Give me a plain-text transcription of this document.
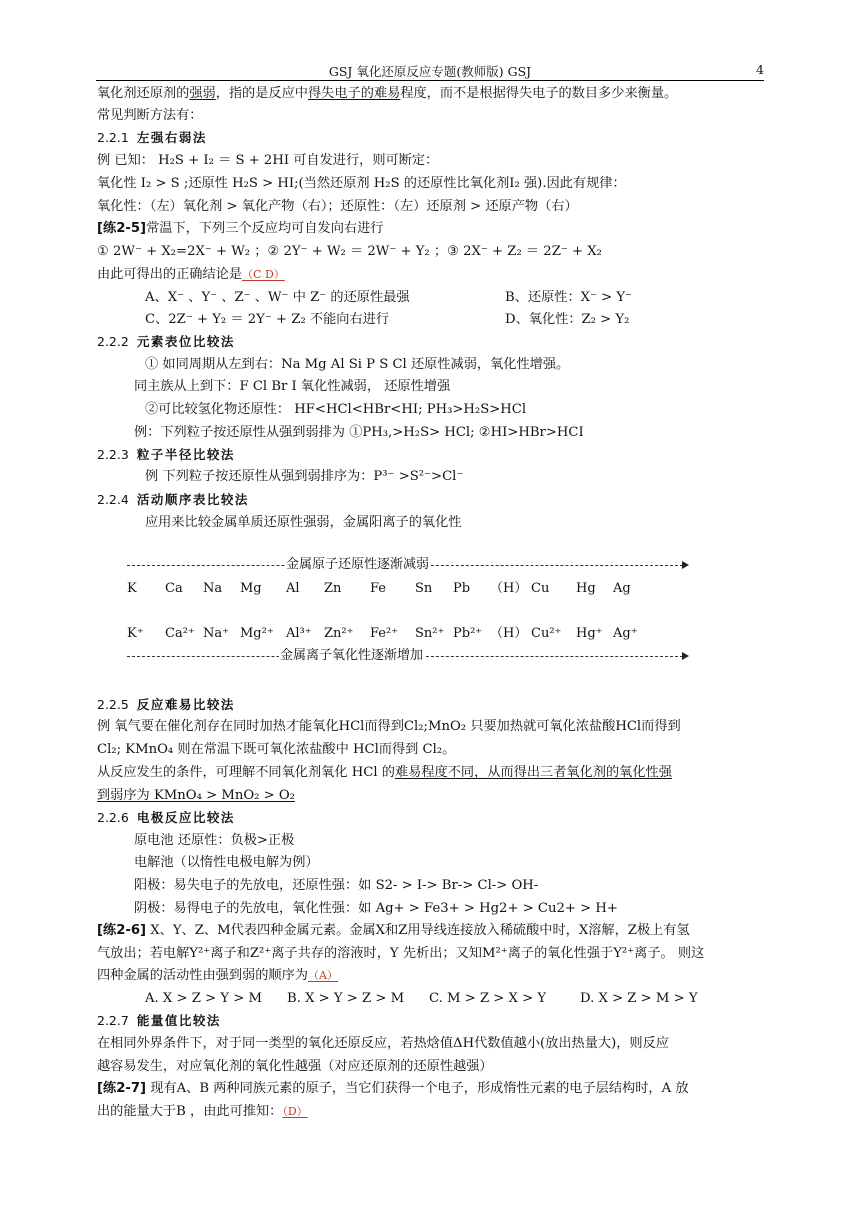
GSJ 氧化还原反应专题(教师版) GSJ	4
氧化剂还原剂的强弱，指的是反应中得失电子的难易程度，而不是根据得失电子的数目多少来衡量。
常见判断方法有：
2.2.1 左强右弱法
例 已知： H₂S + I₂ ＝ S + 2HI 可自发进行，则可断定：
氧化性 I₂ > S ;还原性 H₂S > HI;(当然还原剂 H₂S 的还原性比氧化剂I₂ 强).因此有规律：
氧化性：（左）氧化剂 > 氧化产物（右）；还原性：（左）还原剂 > 还原产物（右）
[练2-5]常温下，下列三个反应均可自发向右进行
① 2W⁻ + X₂=2X⁻ + W₂ ；② 2Y⁻ + W₂ ＝ 2W⁻ + Y₂ ；③ 2X⁻ + Z₂ ＝ 2Z⁻ + X₂
由此可得出的正确结论是（C D）
A、X⁻ 、Y⁻ 、Z⁻ 、W⁻ 中 Z⁻ 的还原性最强	B、还原性：X⁻ > Y⁻
C、2Z⁻ + Y₂ ＝ 2Y⁻ + Z₂ 不能向右进行	D、氧化性：Z₂ > Y₂
2.2.2 元素表位比较法
① 如同周期从左到右：Na Mg Al Si P S Cl 还原性减弱，氧化性增强。
同主族从上到下：F Cl Br I 氧化性减弱， 还原性增强
②可比较氢化物还原性： HF<HCl<HBr<HI; PH₃>H₂S>HCl
例：下列粒子按还原性从强到弱排为 ①PH₃,>H₂S> HCl; ②HI>HBr>HCI
2.2.3 粒子半径比较法
例 下列粒子按还原性从强到弱排序为：P³⁻ >S²⁻>Cl⁻
2.2.4 活动顺序表比较法
应用来比较金属单质还原性强弱，金属阳离子的氧化性
金属原子还原性逐渐减弱
K Ca Na Mg Al Zn Fe Sn Pb （H） Cu Hg Ag
K⁺ Ca²⁺ Na⁺ Mg²⁺ Al³⁺ Zn²⁺ Fe²⁺ Sn²⁺ Pb²⁺ （H） Cu²⁺ Hg⁺ Ag⁺
金属离子氧化性逐渐增加
2.2.5 反应难易比较法
例 氧气要在催化剂存在同时加热才能氧化HCl而得到Cl₂;MnO₂ 只要加热就可氧化浓盐酸HCl而得到
Cl₂; KMnO₄ 则在常温下既可氧化浓盐酸中 HCl而得到 Cl₂。
从反应发生的条件，可理解不同氧化剂氧化 HCl 的难易程度不同，从而得出三者氧化剂的氧化性强
到弱序为 KMnO₄ > MnO₂ > O₂
2.2.6 电极反应比较法
原电池 还原性：负极>正极
电解池（以惰性电极电解为例）
阳极：易失电子的先放电，还原性强：如 S2- > I-> Br-> Cl-> OH-
阴极：易得电子的先放电，氧化性强：如 Ag+ > Fe3+ > Hg2+ > Cu2+ > H+
[练2-6] X、Y、Z、M代表四种金属元素。金属X和Z用导线连接放入稀硫酸中时，X溶解，Z极上有氢
气放出；若电解Y²⁺离子和Z²⁺离子共存的溶液时，Y 先析出；又知M²⁺离子的氧化性强于Y²⁺离子。 则这
四种金属的活动性由强到弱的顺序为（A）
A. X > Z > Y > M B. X > Y > Z > M C. M > Z > X > Y	D. X > Z > M > Y
2.2.7 能量值比较法
在相同外界条件下，对于同一类型的氧化还原反应，若热焓值ΔH代数值越小(放出热量大)，则反应
越容易发生，对应氧化剂的氧化性越强（对应还原剂的还原性越强）
[练2-7] 现有A、B 两种同族元素的原子，当它们获得一个电子，形成惰性元素的电子层结构时，A 放
出的能量大于B ，由此可推知：（D）
